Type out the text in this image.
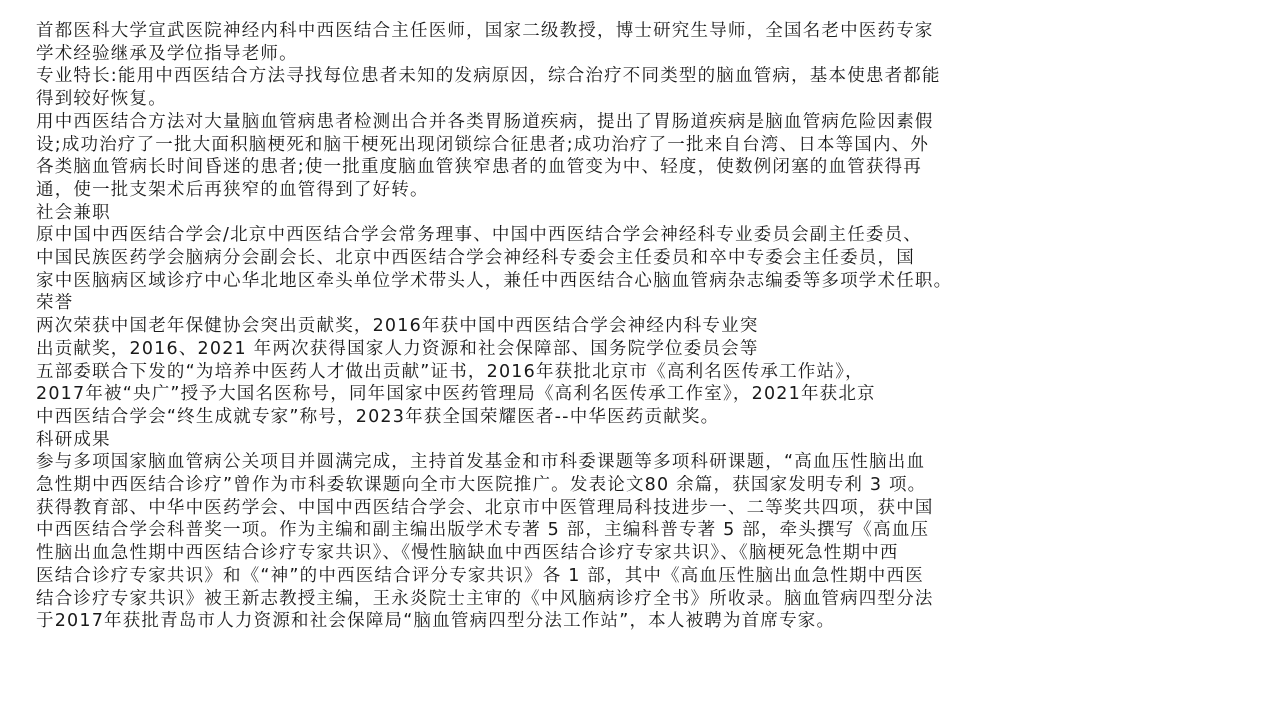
首都医科大学宣武医院神经内科中西医结合主任医师，国家二级教授，博士研究生导师，全国名老中医药专家

学术经验继承及学位指导老师。

专业特长:能用中西医结合方法寻找每位患者未知的发病原因，综合治疗不同类型的脑血管病，基本使患者都能

得到较好恢复。

用中西医结合方法对大量脑血管病患者检测出合并各类胃肠道疾病，提出了胃肠道疾病是脑血管病危险因素假

设;成功治疗了一批大面积脑梗死和脑干梗死出现闭锁综合征患者;成功治疗了一批来自台湾、日本等国内、外

各类脑血管病长时间昏迷的患者;使一批重度脑血管狭窄患者的血管变为中、轻度，使数例闭塞的血管获得再

通，使一批支架术后再狭窄的血管得到了好转。

社会兼职

原中国中西医结合学会/北京中西医结合学会常务理事、中国中西医结合学会神经科专业委员会副主任委员、

中国民族医药学会脑病分会副会长、北京中西医结合学会神经科专委会主任委员和卒中专委会主任委员，国

家中医脑病区域诊疗中心华北地区牵头单位学术带头人，兼任中西医结合心脑血管病杂志编委等多项学术任职。

荣誉

两次荣获中国老年保健协会突出贡献奖，2016年获中国中西医结合学会神经内科专业突

出贡献奖，2016、2021 年两次获得国家人力资源和社会保障部、国务院学位委员会等

五部委联合下发的“为培养中医药人才做出贡献”证书，2016年获批北京市《高利名医传承工作站》，

2017年被“央广”授予大国名医称号，同年国家中医药管理局《高利名医传承工作室》，2021年获北京

中西医结合学会“终生成就专家”称号，2023年获全国荣耀医者--中华医药贡献奖。

科研成果

参与多项国家脑血管病公关项目并圆满完成，主持首发基金和市科委课题等多项科研课题，“高血压性脑出血

急性期中西医结合诊疗”曾作为市科委软课题向全市大医院推广。发表论文80 余篇，获国家发明专利 3 项。

获得教育部、中华中医药学会、中国中西医结合学会、北京市中医管理局科技进步一、二等奖共四项，获中国

中西医结合学会科普奖一项。作为主编和副主编出版学术专著 5 部，主编科普专著 5 部，牵头撰写《高血压

性脑出血急性期中西医结合诊疗专家共识》、《慢性脑缺血中西医结合诊疗专家共识》、《脑梗死急性期中西

医结合诊疗专家共识》和《“神”的中西医结合评分专家共识》各 1 部，其中《高血压性脑出血急性期中西医

结合诊疗专家共识》被王新志教授主编，王永炎院士主审的《中风脑病诊疗全书》所收录。脑血管病四型分法

于2017年获批青岛市人力资源和社会保障局“脑血管病四型分法工作站”，本人被聘为首席专家。
